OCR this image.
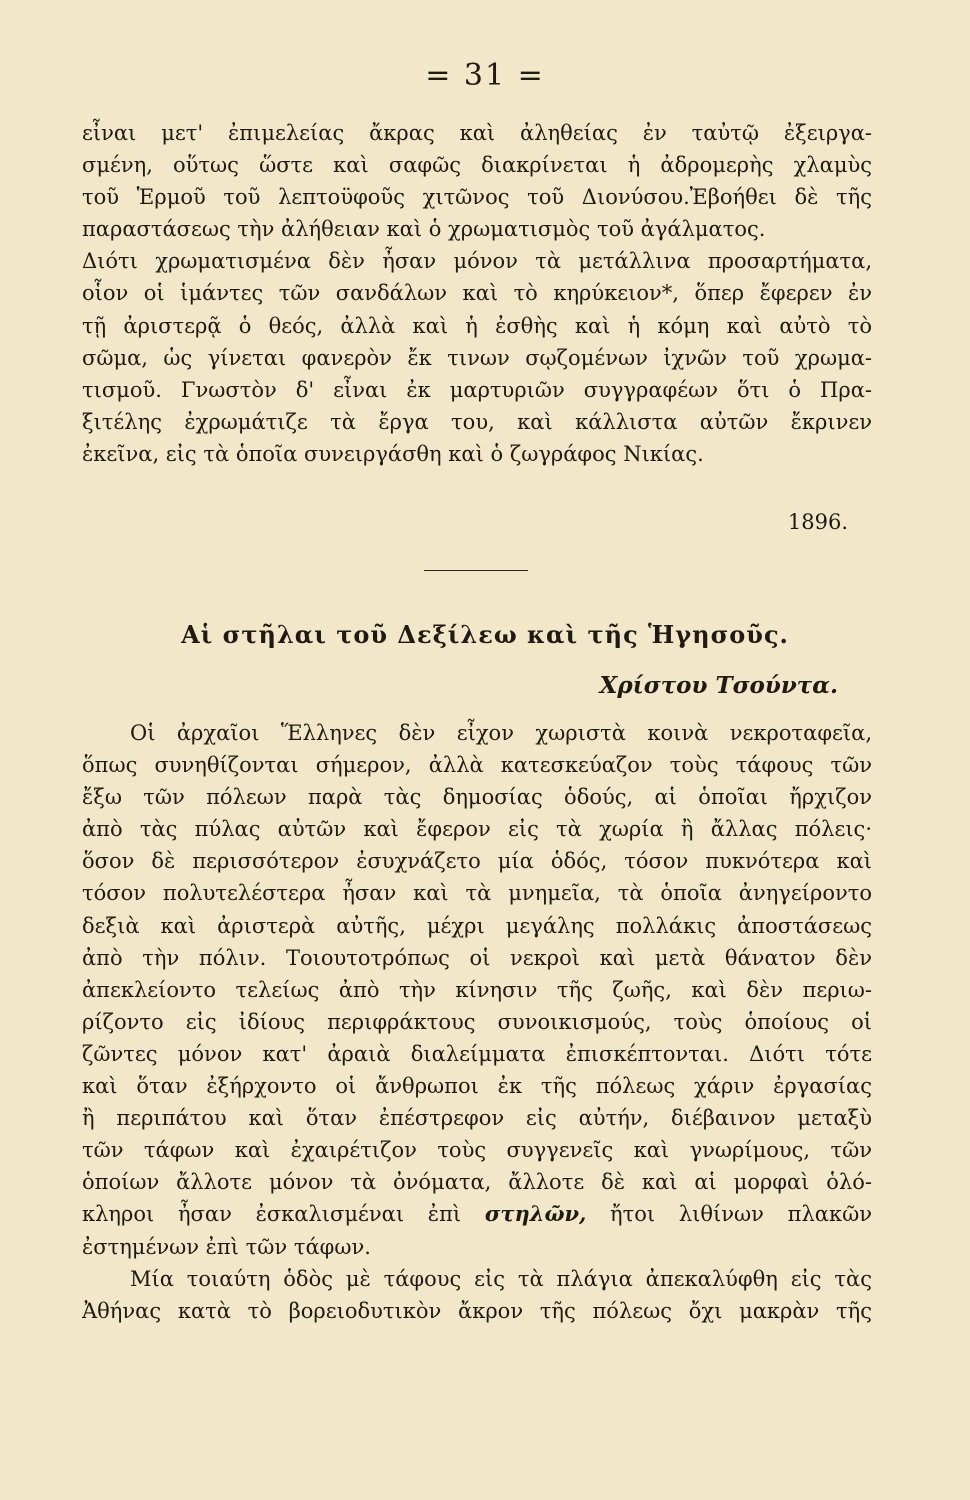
= 31 =
εἶναι μετ' ἐπιμελείας ἄκρας καὶ ἀληθείας ἐν ταὐτῷ ἐξειργα-
σμένη, οὕτως ὥστε καὶ σαφῶς διακρίνεται ἡ ἀδρομερὴς χλαμὺς
τοῦ Ἑρμοῦ τοῦ λεπτοϋφοῦς χιτῶνος τοῦ Διονύσου.Ἐβοήθει δὲ τῆς
παραστάσεως τὴν ἀλήθειαν καὶ ὁ χρωματισμὸς τοῦ ἀγάλματος.
Διότι χρωματισμένα δὲν ἦσαν μόνον τὰ μετάλλινα προσαρτήματα,
οἷον οἱ ἱμάντες τῶν σανδάλων καὶ τὸ κηρύκειον*, ὅπερ ἔφερεν ἐν
τῇ ἀριστερᾷ ὁ θεός, ἀλλὰ καὶ ἡ ἐσθὴς καὶ ἡ κόμη καὶ αὐτὸ τὸ
σῶμα, ὡς γίνεται φανερὸν ἔκ τινων σῳζομένων ἰχνῶν τοῦ χρωμα-
τισμοῦ. Γνωστὸν δ' εἶναι ἐκ μαρτυριῶν συγγραφέων ὅτι ὁ Πρα-
ξιτέλης ἐχρωμάτιζε τὰ ἔργα του, καὶ κάλλιστα αὐτῶν ἔκρινεν
ἐκεῖνα, εἰς τὰ ὁποῖα συνειργάσθη καὶ ὁ ζωγράφος Νικίας.
1896.
Αἱ στῆλαι τοῦ Δεξίλεω καὶ τῆς Ἡγησοῦς.
Χρίστου Τσούντα.
Οἱ ἀρχαῖοι Ἕλληνες δὲν εἶχον χωριστὰ κοινὰ νεκροταφεῖα,
ὅπως συνηθίζονται σήμερον, ἀλλὰ κατεσκεύαζον τοὺς τάφους τῶν
ἔξω τῶν πόλεων παρὰ τὰς δημοσίας ὁδούς, αἱ ὁποῖαι ἤρχιζον
ἀπὸ τὰς πύλας αὐτῶν καὶ ἔφερον εἰς τὰ χωρία ἢ ἄλλας πόλεις·
ὅσον δὲ περισσότερον ἐσυχνάζετο μία ὁδός, τόσον πυκνότερα καὶ
τόσον πολυτελέστερα ἦσαν καὶ τὰ μνημεῖα, τὰ ὁποῖα ἀνηγείροντο
δεξιὰ καὶ ἀριστερὰ αὐτῆς, μέχρι μεγάλης πολλάκις ἀποστάσεως
ἀπὸ τὴν πόλιν. Τοιουτοτρόπως οἱ νεκροὶ καὶ μετὰ θάνατον δὲν
ἀπεκλείοντο τελείως ἀπὸ τὴν κίνησιν τῆς ζωῆς, καὶ δὲν περιω-
ρίζοντο εἰς ἰδίους περιφράκτους συνοικισμούς, τοὺς ὁποίους οἱ
ζῶντες μόνον κατ' ἀραιὰ διαλείμματα ἐπισκέπτονται. Διότι τότε
καὶ ὅταν ἐξήρχοντο οἱ ἄνθρωποι ἐκ τῆς πόλεως χάριν ἐργασίας
ἢ περιπάτου καὶ ὅταν ἐπέστρεφον εἰς αὐτήν, διέβαινον μεταξὺ
τῶν τάφων καὶ ἐχαιρέτιζον τοὺς συγγενεῖς καὶ γνωρίμους, τῶν
ὁποίων ἄλλοτε μόνον τὰ ὀνόματα, ἄλλοτε δὲ καὶ αἱ μορφαὶ ὁλό-
κληροι ἦσαν ἐσκαλισμέναι ἐπὶ στηλῶν, ἤτοι λιθίνων πλακῶν
ἐστημένων ἐπὶ τῶν τάφων.
Μία τοιαύτη ὁδὸς μὲ τάφους εἰς τὰ πλάγια ἀπεκαλύφθη εἰς τὰς
Ἀθήνας κατὰ τὸ βορειοδυτικὸν ἄκρον τῆς πόλεως ὄχι μακρὰν τῆς
